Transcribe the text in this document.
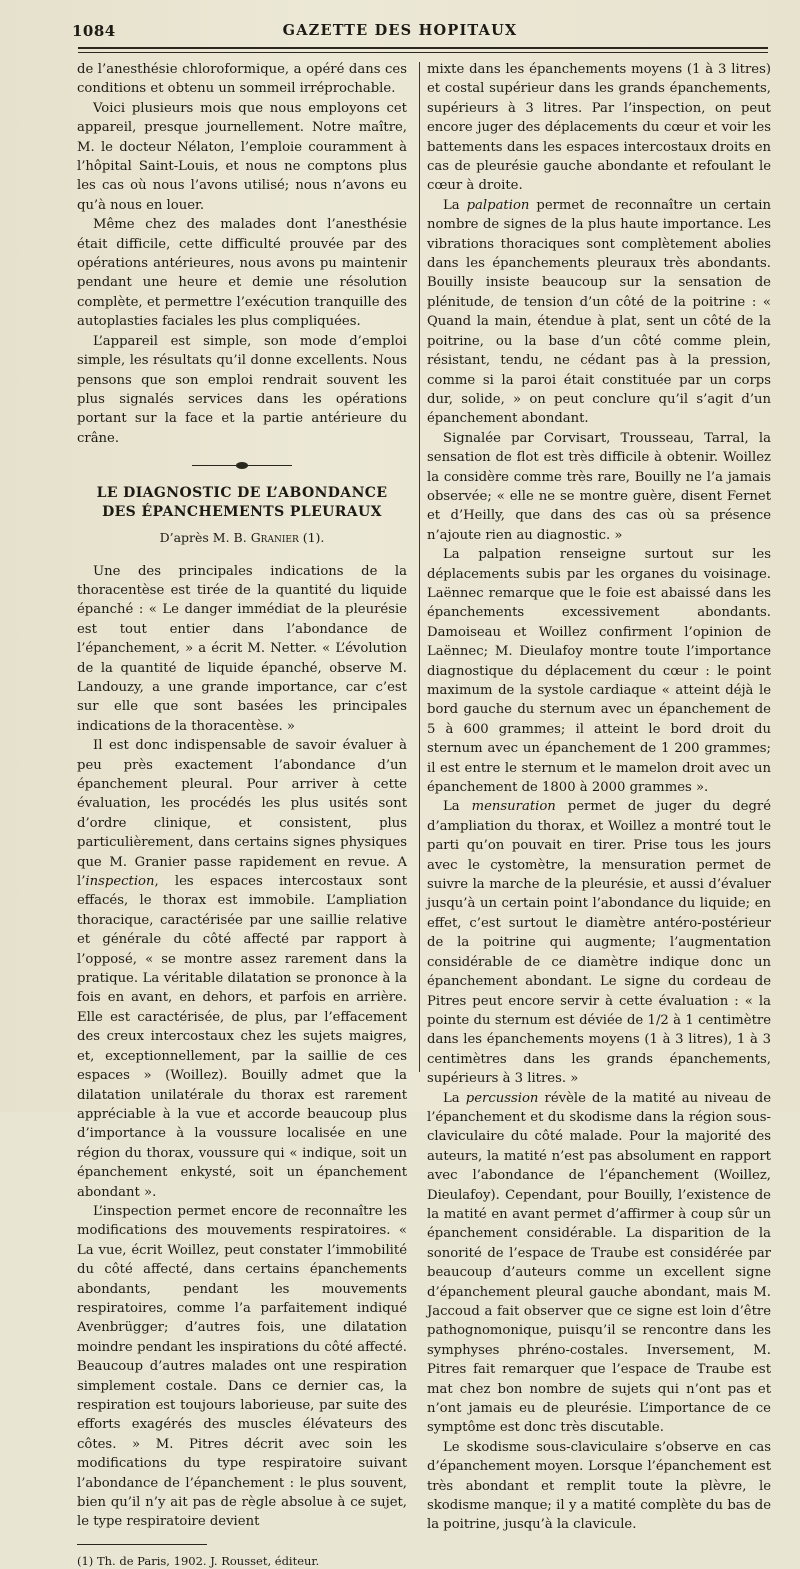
1084	GAZETTE DES HOPITAUX

de l’anesthésie chloroformique, a opéré dans ces conditions et obtenu un sommeil irréprochable.

Voici plusieurs mois que nous employons cet appareil, presque journellement. Notre maître, M. le docteur Nélaton, l’emploie couramment à l’hôpital Saint-Louis, et nous ne comptons plus les cas où nous l’avons utilisé; nous n’avons eu qu’à nous en louer.

Même chez des malades dont l’anesthésie était difficile, cette difficulté prouvée par des opérations antérieures, nous avons pu maintenir pendant une heure et demie une résolution complète, et permettre l’exécution tranquille des autoplasties faciales les plus compliquées.

L’appareil est simple, son mode d’emploi simple, les résultats qu’il donne excellents. Nous pensons que son emploi rendrait souvent les plus signalés services dans les opérations portant sur la face et la partie antérieure du crâne.

LE DIAGNOSTIC DE L’ABONDANCE DES ÉPANCHEMENTS PLEURAUX
D’après M. B. Granier (1).

Une des principales indications de la thoracentèse est tirée de la quantité du liquide épanché : « Le danger immédiat de la pleurésie est tout entier dans l’abondance de l’épanchement, » a écrit M. Netter. « L’évolution de la quantité de liquide épanché, observe M. Landouzy, a une grande importance, car c’est sur elle que sont basées les principales indications de la thoracentèse. »

Il est donc indispensable de savoir évaluer à peu près exactement l’abondance d’un épanchement pleural. Pour arriver à cette évaluation, les procédés les plus usités sont d’ordre clinique, et consistent, plus particulièrement, dans certains signes physiques que M. Granier passe rapidement en revue. A l’inspection, les espaces intercostaux sont effacés, le thorax est immobile. L’ampliation thoracique, caractérisée par une saillie relative et générale du côté affecté par rapport à l’opposé, « se montre assez rarement dans la pratique. La véritable dilatation se prononce à la fois en avant, en dehors, et parfois en arrière. Elle est caractérisée, de plus, par l’effacement des creux intercostaux chez les sujets maigres, et, exceptionnellement, par la saillie de ces espaces » (Woillez). Bouilly admet que la dilatation unilatérale du thorax est rarement appréciable à la vue et accorde beaucoup plus d’importance à la voussure localisée en une région du thorax, voussure qui « indique, soit un épanchement enkysté, soit un épanchement abondant ».

L’inspection permet encore de reconnaître les modifications des mouvements respiratoires. « La vue, écrit Woillez, peut constater l’immobilité du côté affecté, dans certains épanchements abondants, pendant les mouvements respiratoires, comme l’a parfaitement indiqué Avenbrügger; d’autres fois, une dilatation moindre pendant les inspirations du côté affecté. Beaucoup d’autres malades ont une respiration simplement costale. Dans ce dernier cas, la respiration est toujours laborieuse, par suite des efforts exagérés des muscles élévateurs des côtes. » M. Pitres décrit avec soin les modifications du type respiratoire suivant l’abondance de l’épanchement : le plus souvent, bien qu’il n’y ait pas de règle absolue à ce sujet, le type respiratoire devient

(1) Th. de Paris, 1902. J. Rousset, éditeur.

mixte dans les épanchements moyens (1 à 3 litres) et costal supérieur dans les grands épanchements, supérieurs à 3 litres. Par l’inspection, on peut encore juger des déplacements du cœur et voir les battements dans les espaces intercostaux droits en cas de pleurésie gauche abondante et refoulant le cœur à droite.

La palpation permet de reconnaître un certain nombre de signes de la plus haute importance. Les vibrations thoraciques sont complètement abolies dans les épanchements pleuraux très abondants. Bouilly insiste beaucoup sur la sensation de plénitude, de tension d’un côté de la poitrine : « Quand la main, étendue à plat, sent un côté de la poitrine, ou la base d’un côté comme plein, résistant, tendu, ne cédant pas à la pression, comme si la paroi était constituée par un corps dur, solide, » on peut conclure qu’il s’agit d’un épanchement abondant.

Signalée par Corvisart, Trousseau, Tarral, la sensation de flot est très difficile à obtenir. Woillez la considère comme très rare, Bouilly ne l’a jamais observée; « elle ne se montre guère, disent Fernet et d’Heilly, que dans des cas où sa présence n’ajoute rien au diagnostic. »

La palpation renseigne surtout sur les déplacements subis par les organes du voisinage. Laënnec remarque que le foie est abaissé dans les épanchements excessivement abondants. Damoiseau et Woillez confirment l’opinion de Laënnec; M. Dieulafoy montre toute l’importance diagnostique du déplacement du cœur : le point maximum de la systole cardiaque « atteint déjà le bord gauche du sternum avec un épanchement de 5 à 600 grammes; il atteint le bord droit du sternum avec un épanchement de 1 200 grammes; il est entre le sternum et le mamelon droit avec un épanchement de 1800 à 2000 grammes ».

La mensuration permet de juger du degré d’ampliation du thorax, et Woillez a montré tout le parti qu’on pouvait en tirer. Prise tous les jours avec le cystomètre, la mensuration permet de suivre la marche de la pleurésie, et aussi d’évaluer jusqu’à un certain point l’abondance du liquide; en effet, c’est surtout le diamètre antéro-postérieur de la poitrine qui augmente; l’augmentation considérable de ce diamètre indique donc un épanchement abondant. Le signe du cordeau de Pitres peut encore servir à cette évaluation : « la pointe du sternum est déviée de 1/2 à 1 centimètre dans les épanchements moyens (1 à 3 litres), 1 à 3 centimètres dans les grands épanchements, supérieurs à 3 litres. »

La percussion révèle de la matité au niveau de l’épanchement et du skodisme dans la région sous-claviculaire du côté malade. Pour la majorité des auteurs, la matité n’est pas absolument en rapport avec l’abondance de l’épanchement (Woillez, Dieulafoy). Cependant, pour Bouilly, l’existence de la matité en avant permet d’affirmer à coup sûr un épanchement considérable. La disparition de la sonorité de l’espace de Traube est considérée par beaucoup d’auteurs comme un excellent signe d’épanchement pleural gauche abondant, mais M. Jaccoud a fait observer que ce signe est loin d’être pathognomonique, puisqu’il se rencontre dans les symphyses phréno-costales. Inversement, M. Pitres fait remarquer que l’espace de Traube est mat chez bon nombre de sujets qui n’ont pas et n’ont jamais eu de pleurésie. L’importance de ce symptôme est donc très discutable.

Le skodisme sous-claviculaire s’observe en cas d’épanchement moyen. Lorsque l’épanchement est très abondant et remplit toute la plèvre, le skodisme manque; il y a matité complète du bas de la poitrine, jusqu’à la clavicule.
